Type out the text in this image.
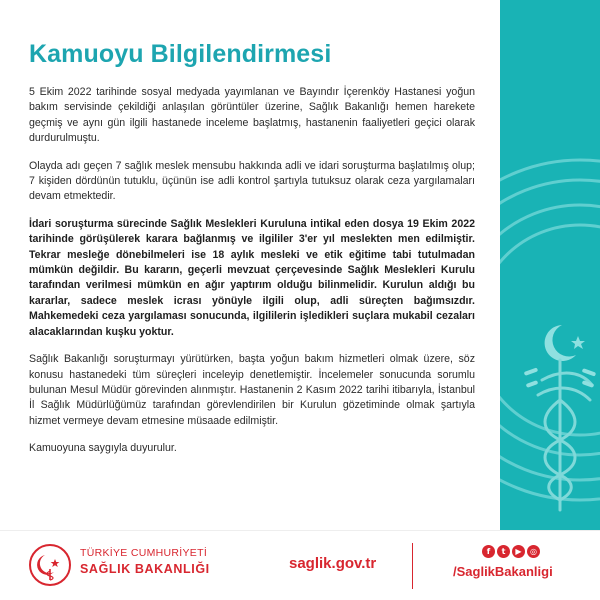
Kamuoyu Bilgilendirmesi

5 Ekim 2022 tarihinde sosyal medyada yayımlanan ve Bayındır İçerenköy Hastanesi yoğun bakım servisinde çekildiği anlaşılan görüntüler üzerine, Sağlık Bakanlığı hemen harekete geçmiş ve aynı gün ilgili hastanede inceleme başlatmış, hastanenin faaliyetleri geçici olarak durdurulmuştu.

Olayda adı geçen 7 sağlık meslek mensubu hakkında adli ve idari soruşturma başlatılmış olup; 7 kişiden dördünün tutuklu, üçünün ise adli kontrol şartıyla tutuksuz olarak ceza yargılamaları devam etmektedir.

İdari soruşturma sürecinde Sağlık Meslekleri Kuruluna intikal eden dosya 19 Ekim 2022 tarihinde görüşülerek karara bağlanmış ve ilgililer 3'er yıl meslekten men edilmiştir. Tekrar mesleğe dönebilmeleri ise 18 aylık mesleki ve etik eğitime tabi tutulmadan mümkün değildir. Bu kararın, geçerli mevzuat çerçevesinde Sağlık Meslekleri Kurulu tarafından verilmesi mümkün en ağır yaptırım olduğu bilinmelidir. Kurulun aldığı bu kararlar, sadece meslek icrası yönüyle ilgili olup, adli süreçten bağımsızdır. Mahkemedeki ceza yargılaması sonucunda, ilgililerin işledikleri suçlara mukabil cezaları alacaklarından kuşku yoktur.

Sağlık Bakanlığı soruşturmayı yürütürken, başta yoğun bakım hizmetleri olmak üzere, söz konusu hastanedeki tüm süreçleri inceleyip denetlemiştir. İncelemeler sonucunda sorumlu bulunan Mesul Müdür görevinden alınmıştır. Hastanenin 2 Kasım 2022 tarihi itibarıyla, İstanbul İl Sağlık Müdürlüğümüz tarafından görevlendirilen bir Kurulun gözetiminde olmak şartıyla hizmet vermeye devam etmesine müsaade edilmiştir.

Kamuoyuna saygıyla duyurulur.

TÜRKİYE CUMHURİYETİ
SAĞLIK BAKANLIĞI	saglik.gov.tr
f	t	▶	◎
/SaglikBakanligi
